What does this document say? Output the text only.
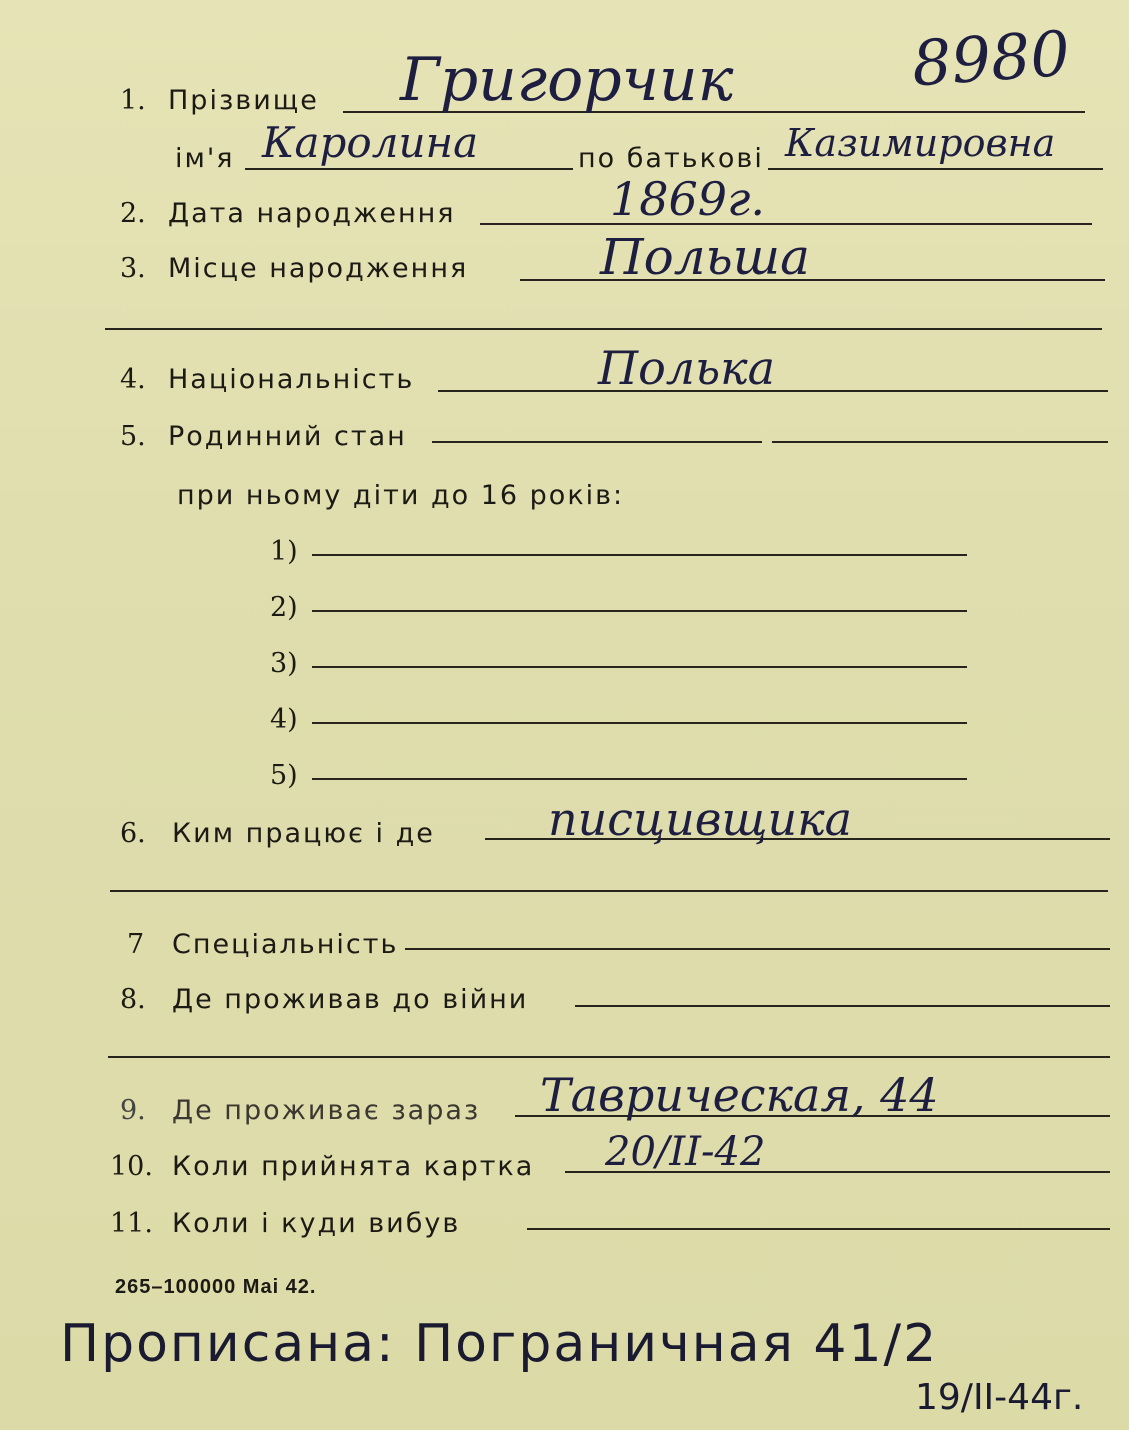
8980
1. Прізвище Григорчик
ім'я Каролина	по батькові Казимировна
2. Дата народження	1869г.
3. Місце народження	Польша
4. Національність	Полька
5. Родинний стан
при ньому діти до 16 років:
1)
2)
3)
4)
5)
6. Ким працює і де писцивщика
7 Спеціальність
8. Де проживав до війни
9. Де проживає зараз Таврическая, 44
10. Коли прийнята картка 20/II-42
11. Коли і куди вибув
265–100000 Mai 42.
Прописана: Пограничная 41/2
19/II-44г.
